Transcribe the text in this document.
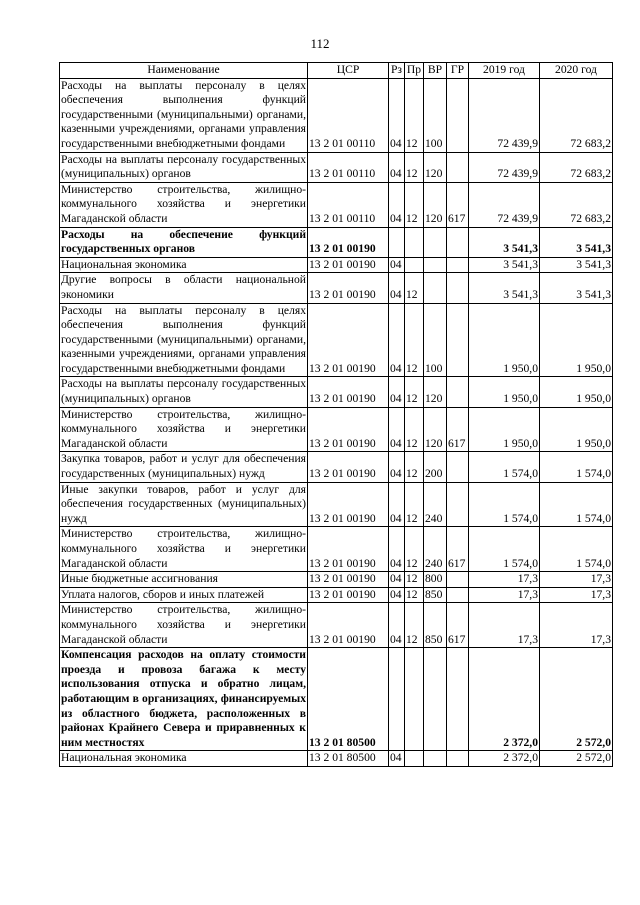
112
Наименование	ЦСР	Рз	Пр	ВР	ГР	2019 год	2020 год
Расходы на выплаты персоналу в целях обеспечения выполнения функций государственными (муниципальными) органами, казенными учреждениями, органами управления государственными внебюджетными фондами	13 2 01 00110	04	12	100		72 439,9	72 683,2
Расходы на выплаты персоналу государственных (муниципальных) органов	13 2 01 00110	04	12	120		72 439,9	72 683,2
Министерство строительства, жилищно-коммунального хозяйства и энергетики Магаданской области	13 2 01 00110	04	12	120	617	72 439,9	72 683,2
Расходы на обеспечение функций государственных органов	13 2 01 00190					3 541,3	3 541,3
Национальная экономика	13 2 01 00190	04				3 541,3	3 541,3
Другие вопросы в области национальной экономики	13 2 01 00190	04	12			3 541,3	3 541,3
Расходы на выплаты персоналу в целях обеспечения выполнения функций государственными (муниципальными) органами, казенными учреждениями, органами управления государственными внебюджетными фондами	13 2 01 00190	04	12	100		1 950,0	1 950,0
Расходы на выплаты персоналу государственных (муниципальных) органов	13 2 01 00190	04	12	120		1 950,0	1 950,0
Министерство строительства, жилищно-коммунального хозяйства и энергетики Магаданской области	13 2 01 00190	04	12	120	617	1 950,0	1 950,0
Закупка товаров, работ и услуг для обеспечения государственных (муниципальных) нужд	13 2 01 00190	04	12	200		1 574,0	1 574,0
Иные закупки товаров, работ и услуг для обеспечения государственных (муниципальных) нужд	13 2 01 00190	04	12	240		1 574,0	1 574,0
Министерство строительства, жилищно-коммунального хозяйства и энергетики Магаданской области	13 2 01 00190	04	12	240	617	1 574,0	1 574,0
Иные бюджетные ассигнования	13 2 01 00190	04	12	800		17,3	17,3
Уплата налогов, сборов и иных платежей	13 2 01 00190	04	12	850		17,3	17,3
Министерство строительства, жилищно-коммунального хозяйства и энергетики Магаданской области	13 2 01 00190	04	12	850	617	17,3	17,3
Компенсация расходов на оплату стоимости проезда и провоза багажа к месту использования отпуска и обратно лицам, работающим в организациях, финансируемых из областного бюджета, расположенных в районах Крайнего Севера и приравненных к ним местностях	13 2 01 80500					2 372,0	2 572,0
Национальная экономика	13 2 01 80500	04				2 372,0	2 572,0
